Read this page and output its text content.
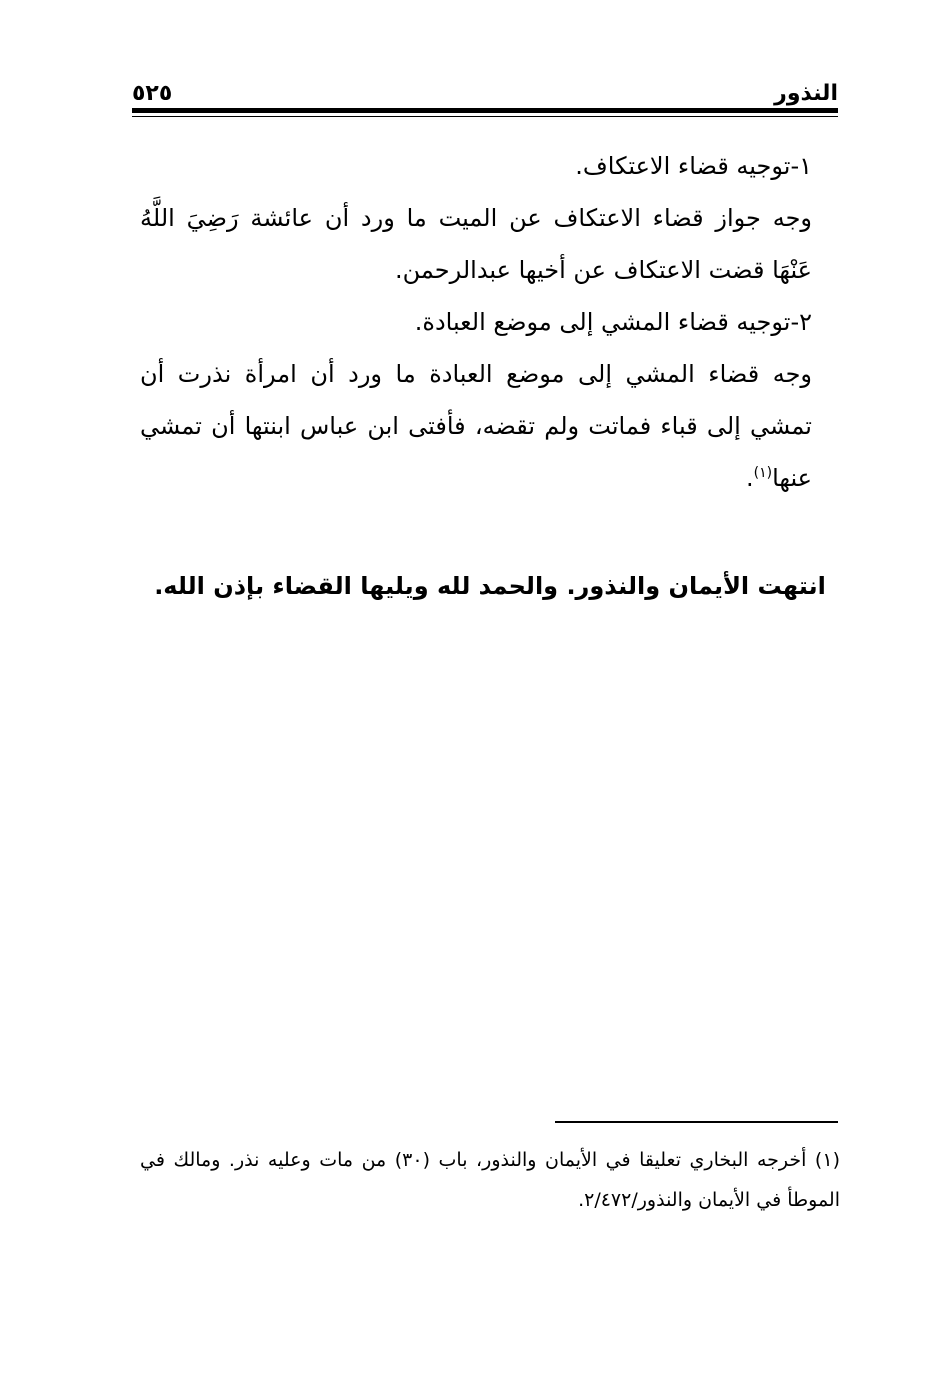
النذور
٥٢٥

١-توجيه قضاء الاعتكاف.

وجه جواز قضاء الاعتكاف عن الميت ما ورد أن عائشة رَضِيَ اللَّهُ عَنْهَا قضت الاعتكاف عن أخيها عبدالرحمن.

٢-توجيه قضاء المشي إلى موضع العبادة.

وجه قضاء المشي إلى موضع العبادة ما ورد أن امرأة نذرت أن تمشي إلى قباء فماتت ولم تقضه، فأفتى ابن عباس ابنتها أن تمشي عنها$^{(١)}$.

انتهت الأيمان والنذور. والحمد لله ويليها القضاء بإذن الله.

(١) أخرجه البخاري تعليقا في الأيمان والنذور، باب (٣٠) من مات وعليه نذر. ومالك في الموطأ في الأيمان والنذور/٢/٤٧٢.
